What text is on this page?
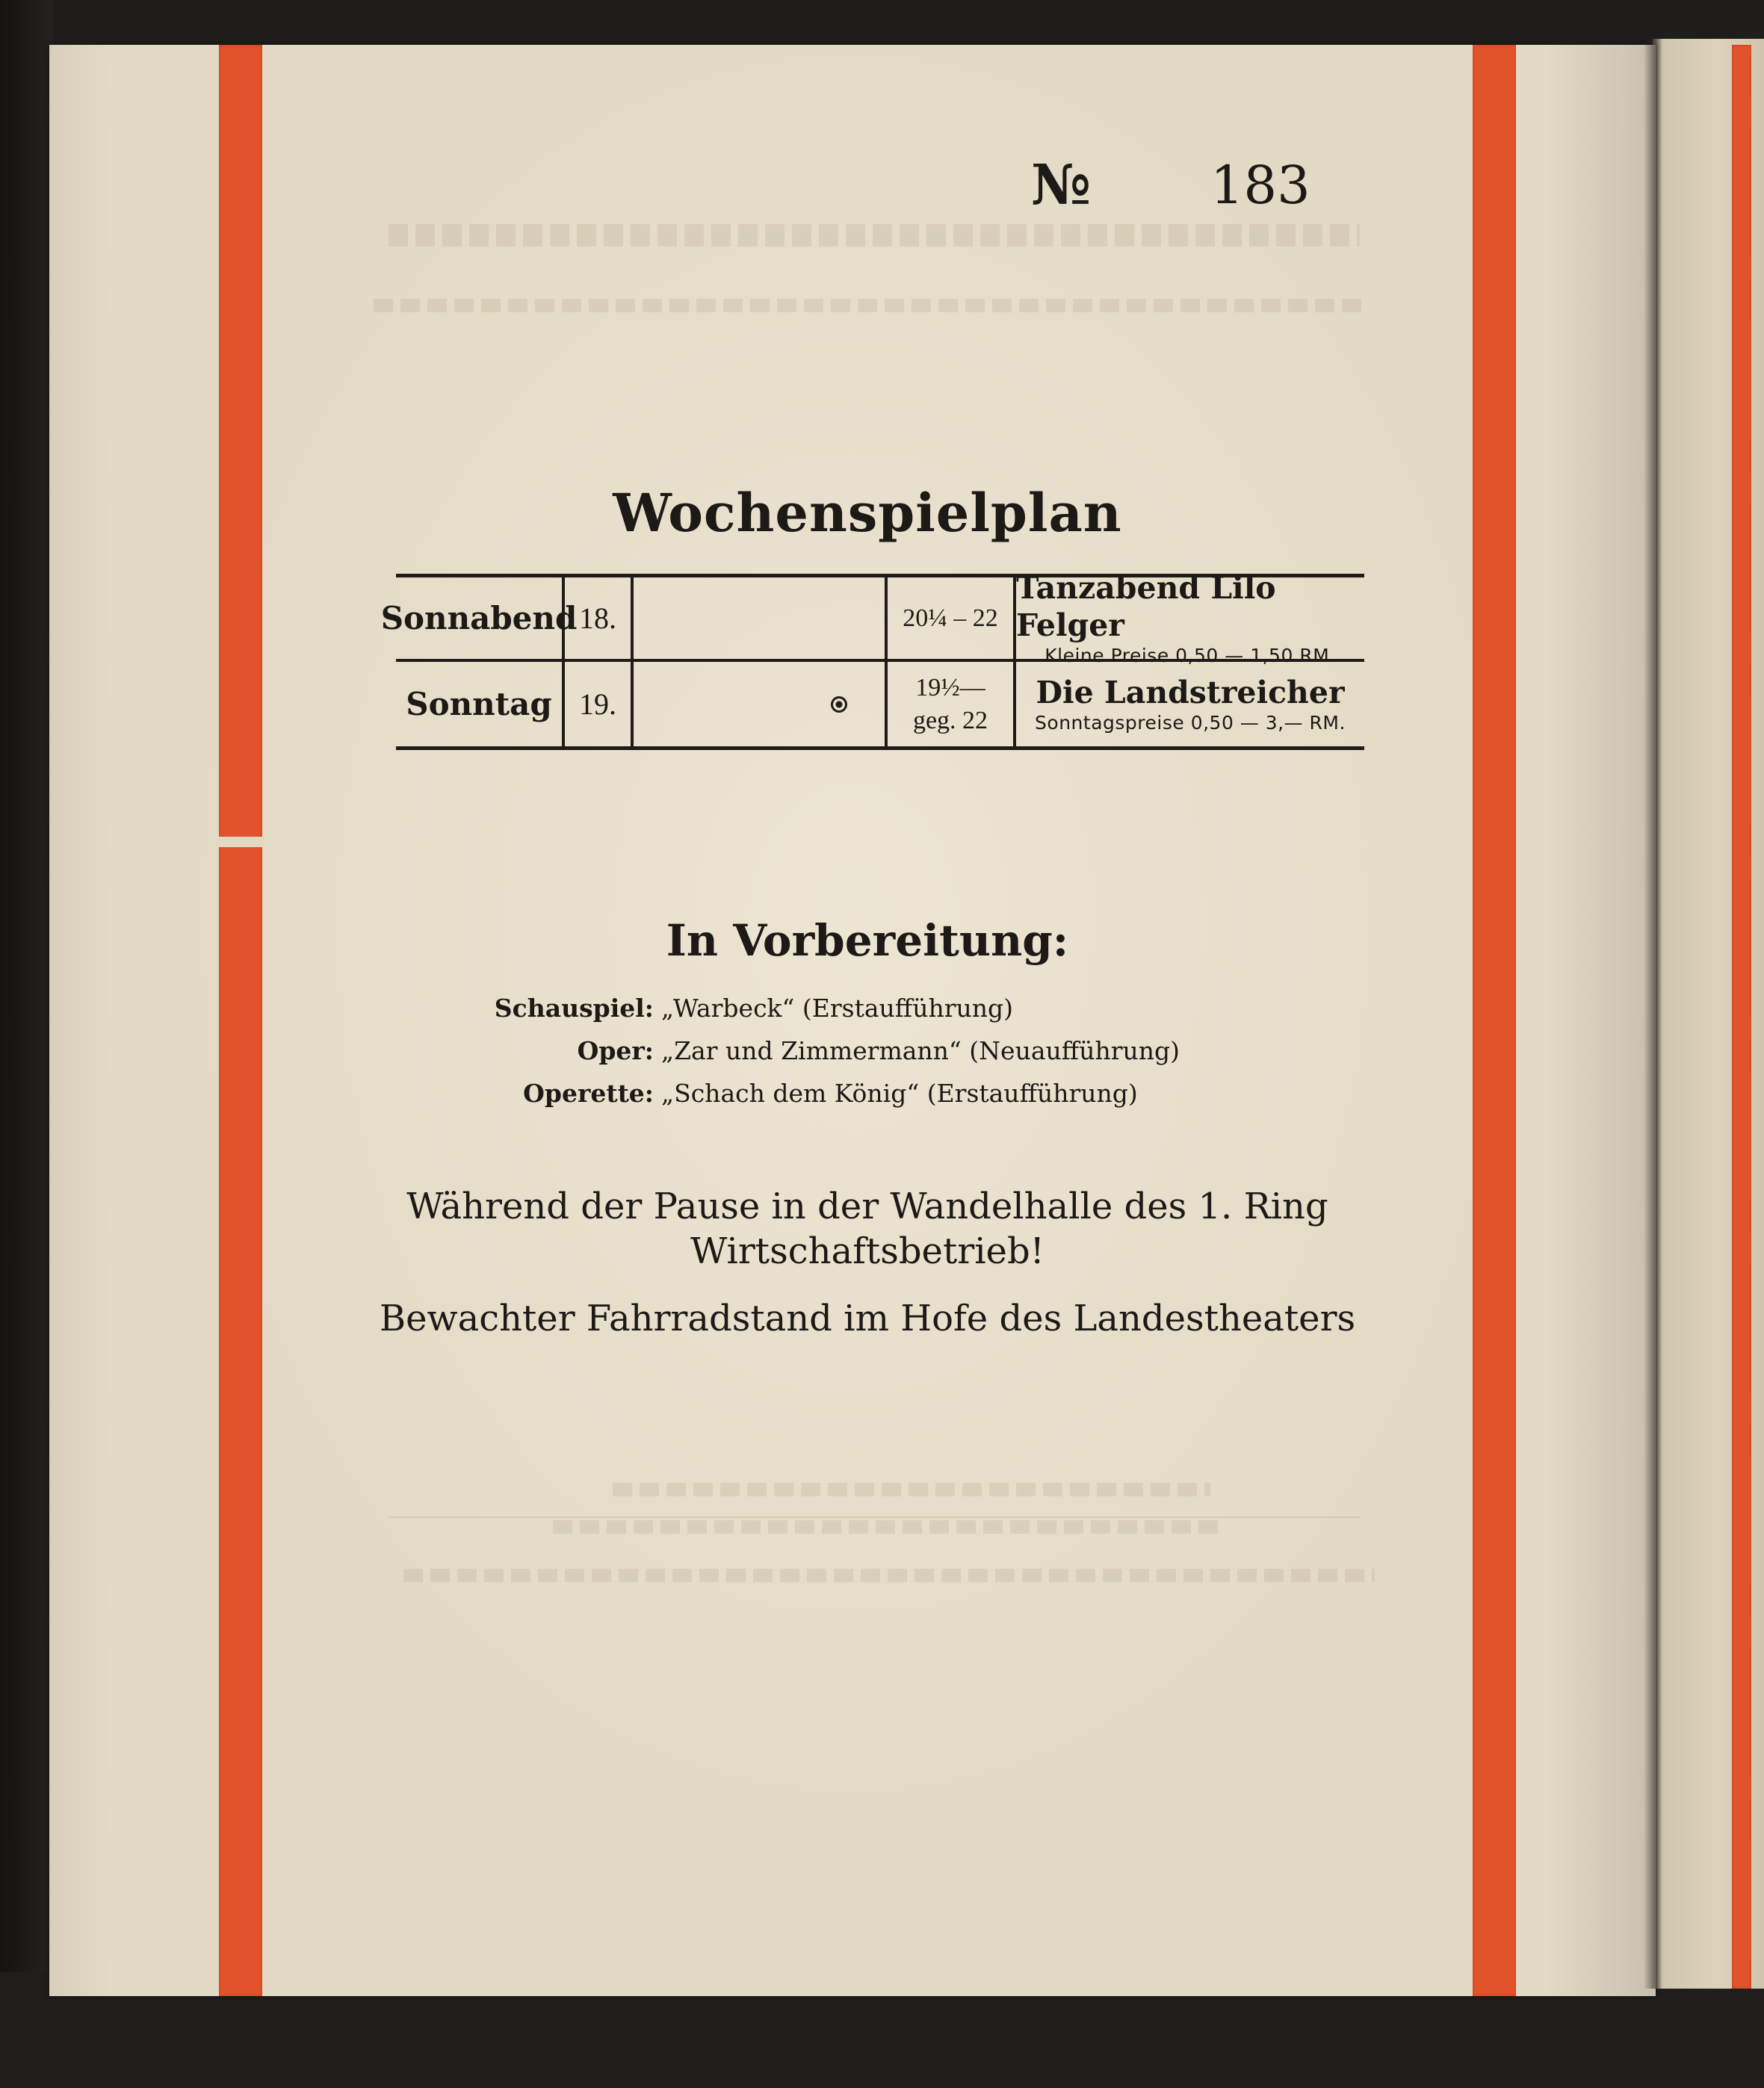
№ 183
Wochenspielplan
Sonnabend 18.	20¼ – 22
Tanzabend Lilo Felger
Kleine Preise 0,50 — 1,50 RM.
Sonntag 19.	19½—
geg. 22
Die Landstreicher
Sonntagspreise 0,50 — 3,— RM.
In Vorbereitung:
Schauspiel: „Warbeck“ (Erstaufführung)
Oper: „Zar und Zimmermann“ (Neuaufführung)
Operette: „Schach dem König“ (Erstaufführung)
Während der Pause in der Wandelhalle des 1. Ring
Wirtschaftsbetrieb!
Bewachter Fahrradstand im Hofe des Landestheaters
